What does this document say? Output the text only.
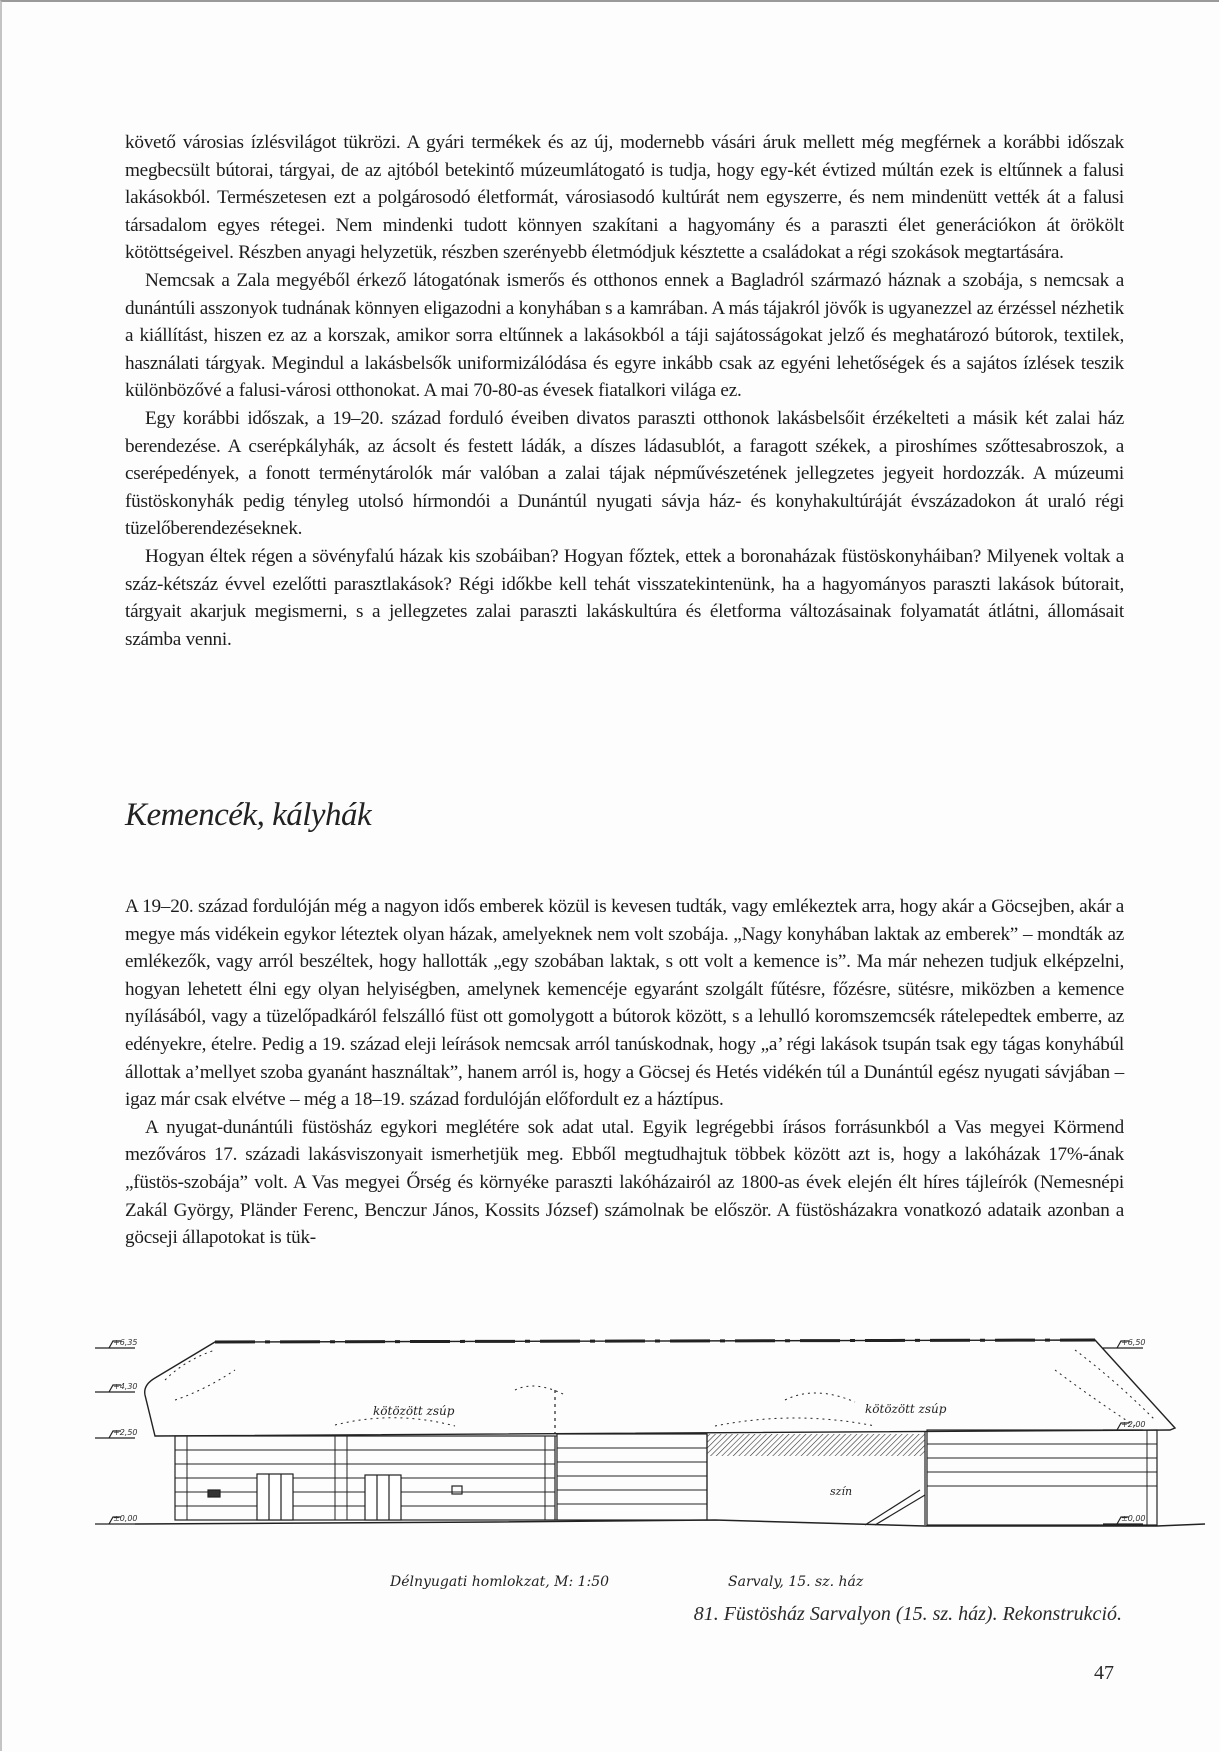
követő városias ízlésvilágot tükrözi. A gyári termékek és az új, modernebb vásári áruk mellett még megférnek a korábbi időszak megbecsült bútorai, tárgyai, de az ajtóból betekintő múzeumlátogató is tudja, hogy egy-két évtized múltán ezek is eltűnnek a falusi lakásokból. Természetesen ezt a polgárosodó életformát, városiasodó kultúrát nem egyszerre, és nem mindenütt vették át a falusi társadalom egyes rétegei. Nem mindenki tudott könnyen szakítani a hagyomány és a paraszti élet generációkon át örökölt kötöttségeivel. Részben anyagi helyzetük, részben szerényebb életmódjuk késztette a családokat a régi szokások megtartására.

Nemcsak a Zala megyéből érkező látogatónak ismerős és otthonos ennek a Bagladról származó háznak a szobája, s nemcsak a dunántúli asszonyok tudnának könnyen eligazodni a konyhában s a kamrában. A más tájakról jövők is ugyanezzel az érzéssel nézhetik a kiállítást, hiszen ez az a korszak, amikor sorra eltűnnek a lakásokból a táji sajátosságokat jelző és meghatározó bútorok, textilek, használati tárgyak. Megindul a lakásbelsők uniformizálódása és egyre inkább csak az egyéni lehetőségek és a sajátos ízlések teszik különbözővé a falusi-városi otthonokat. A mai 70-80-as évesek fiatalkori világa ez.

Egy korábbi időszak, a 19–20. század forduló éveiben divatos paraszti otthonok lakásbelsőit érzékelteti a másik két zalai ház berendezése. A cserépkályhák, az ácsolt és festett ládák, a díszes ládasublót, a faragott székek, a piroshímes szőttesabroszok, a cserépedények, a fonott terménytárolók már valóban a zalai tájak népművészetének jellegzetes jegyeit hordozzák. A múzeumi füstöskonyhák pedig tényleg utolsó hírmondói a Dunántúl nyugati sávja ház- és konyhakultúráját évszázadokon át uraló régi tüzelőberendezéseknek.

Hogyan éltek régen a sövényfalú házak kis szobáiban? Hogyan főztek, ettek a boronaházak füstöskonyháiban? Milyenek voltak a száz-kétszáz évvel ezelőtti parasztlakások? Régi időkbe kell tehát visszatekintenünk, ha a hagyományos paraszti lakások bútorait, tárgyait akarjuk megismerni, s a jellegzetes zalai paraszti lakáskultúra és életforma változásainak folyamatát átlátni, állomásait számba venni.

Kemencék, kályhák

A 19–20. század fordulóján még a nagyon idős emberek közül is kevesen tudták, vagy emlékeztek arra, hogy akár a Göcsejben, akár a megye más vidékein egykor léteztek olyan házak, amelyeknek nem volt szobája. „Nagy konyhában laktak az emberek” – mondták az emlékezők, vagy arról beszéltek, hogy hallották „egy szobában laktak, s ott volt a kemence is”. Ma már nehezen tudjuk elképzelni, hogyan lehetett élni egy olyan helyiségben, amelynek kemencéje egyaránt szolgált fűtésre, főzésre, sütésre, miközben a kemence nyílásából, vagy a tüzelőpadkáról felszálló füst ott gomolygott a bútorok között, s a lehulló koromszemcsék rátelepedtek emberre, az edényekre, ételre. Pedig a 19. század eleji leírások nemcsak arról tanúskodnak, hogy „a’ régi lakások tsupán tsak egy tágas konyhábúl állottak a’mellyet szoba gyanánt használtak”, hanem arról is, hogy a Göcsej és Hetés vidékén túl a Dunántúl egész nyugati sávjában – igaz már csak elvétve – még a 18–19. század fordulóján előfordult ez a háztípus.

A nyugat-dunántúli füstösház egykori meglétére sok adat utal. Egyik legrégebbi írásos forrásunkból a Vas megyei Körmend mezőváros 17. századi lakásviszonyait ismerhetjük meg. Ebből megtudhajtuk többek között azt is, hogy a lakóházak 17%-ának „füstös-szobája” volt. A Vas megyei Őrség és környéke paraszti lakóházairól az 1800-as évek elején élt híres tájleírók (Nemesnépi Zakál György, Pländer Ferenc, Benczur János, Kossits József) számolnak be először. A füstösházakra vonatkozó adataik azonban a göcseji állapotokat is tük-

+6,35
+4,30
+2,50
±0,00
+6,50
+2,00
±0,00
kötözött zsúp	kötözött zsúp
szín
Délnyugati homlokzat, M: 1:50	Sarvaly, 15. sz. ház
81. Füstösház Sarvalyon (15. sz. ház). Rekonstrukció.
47
